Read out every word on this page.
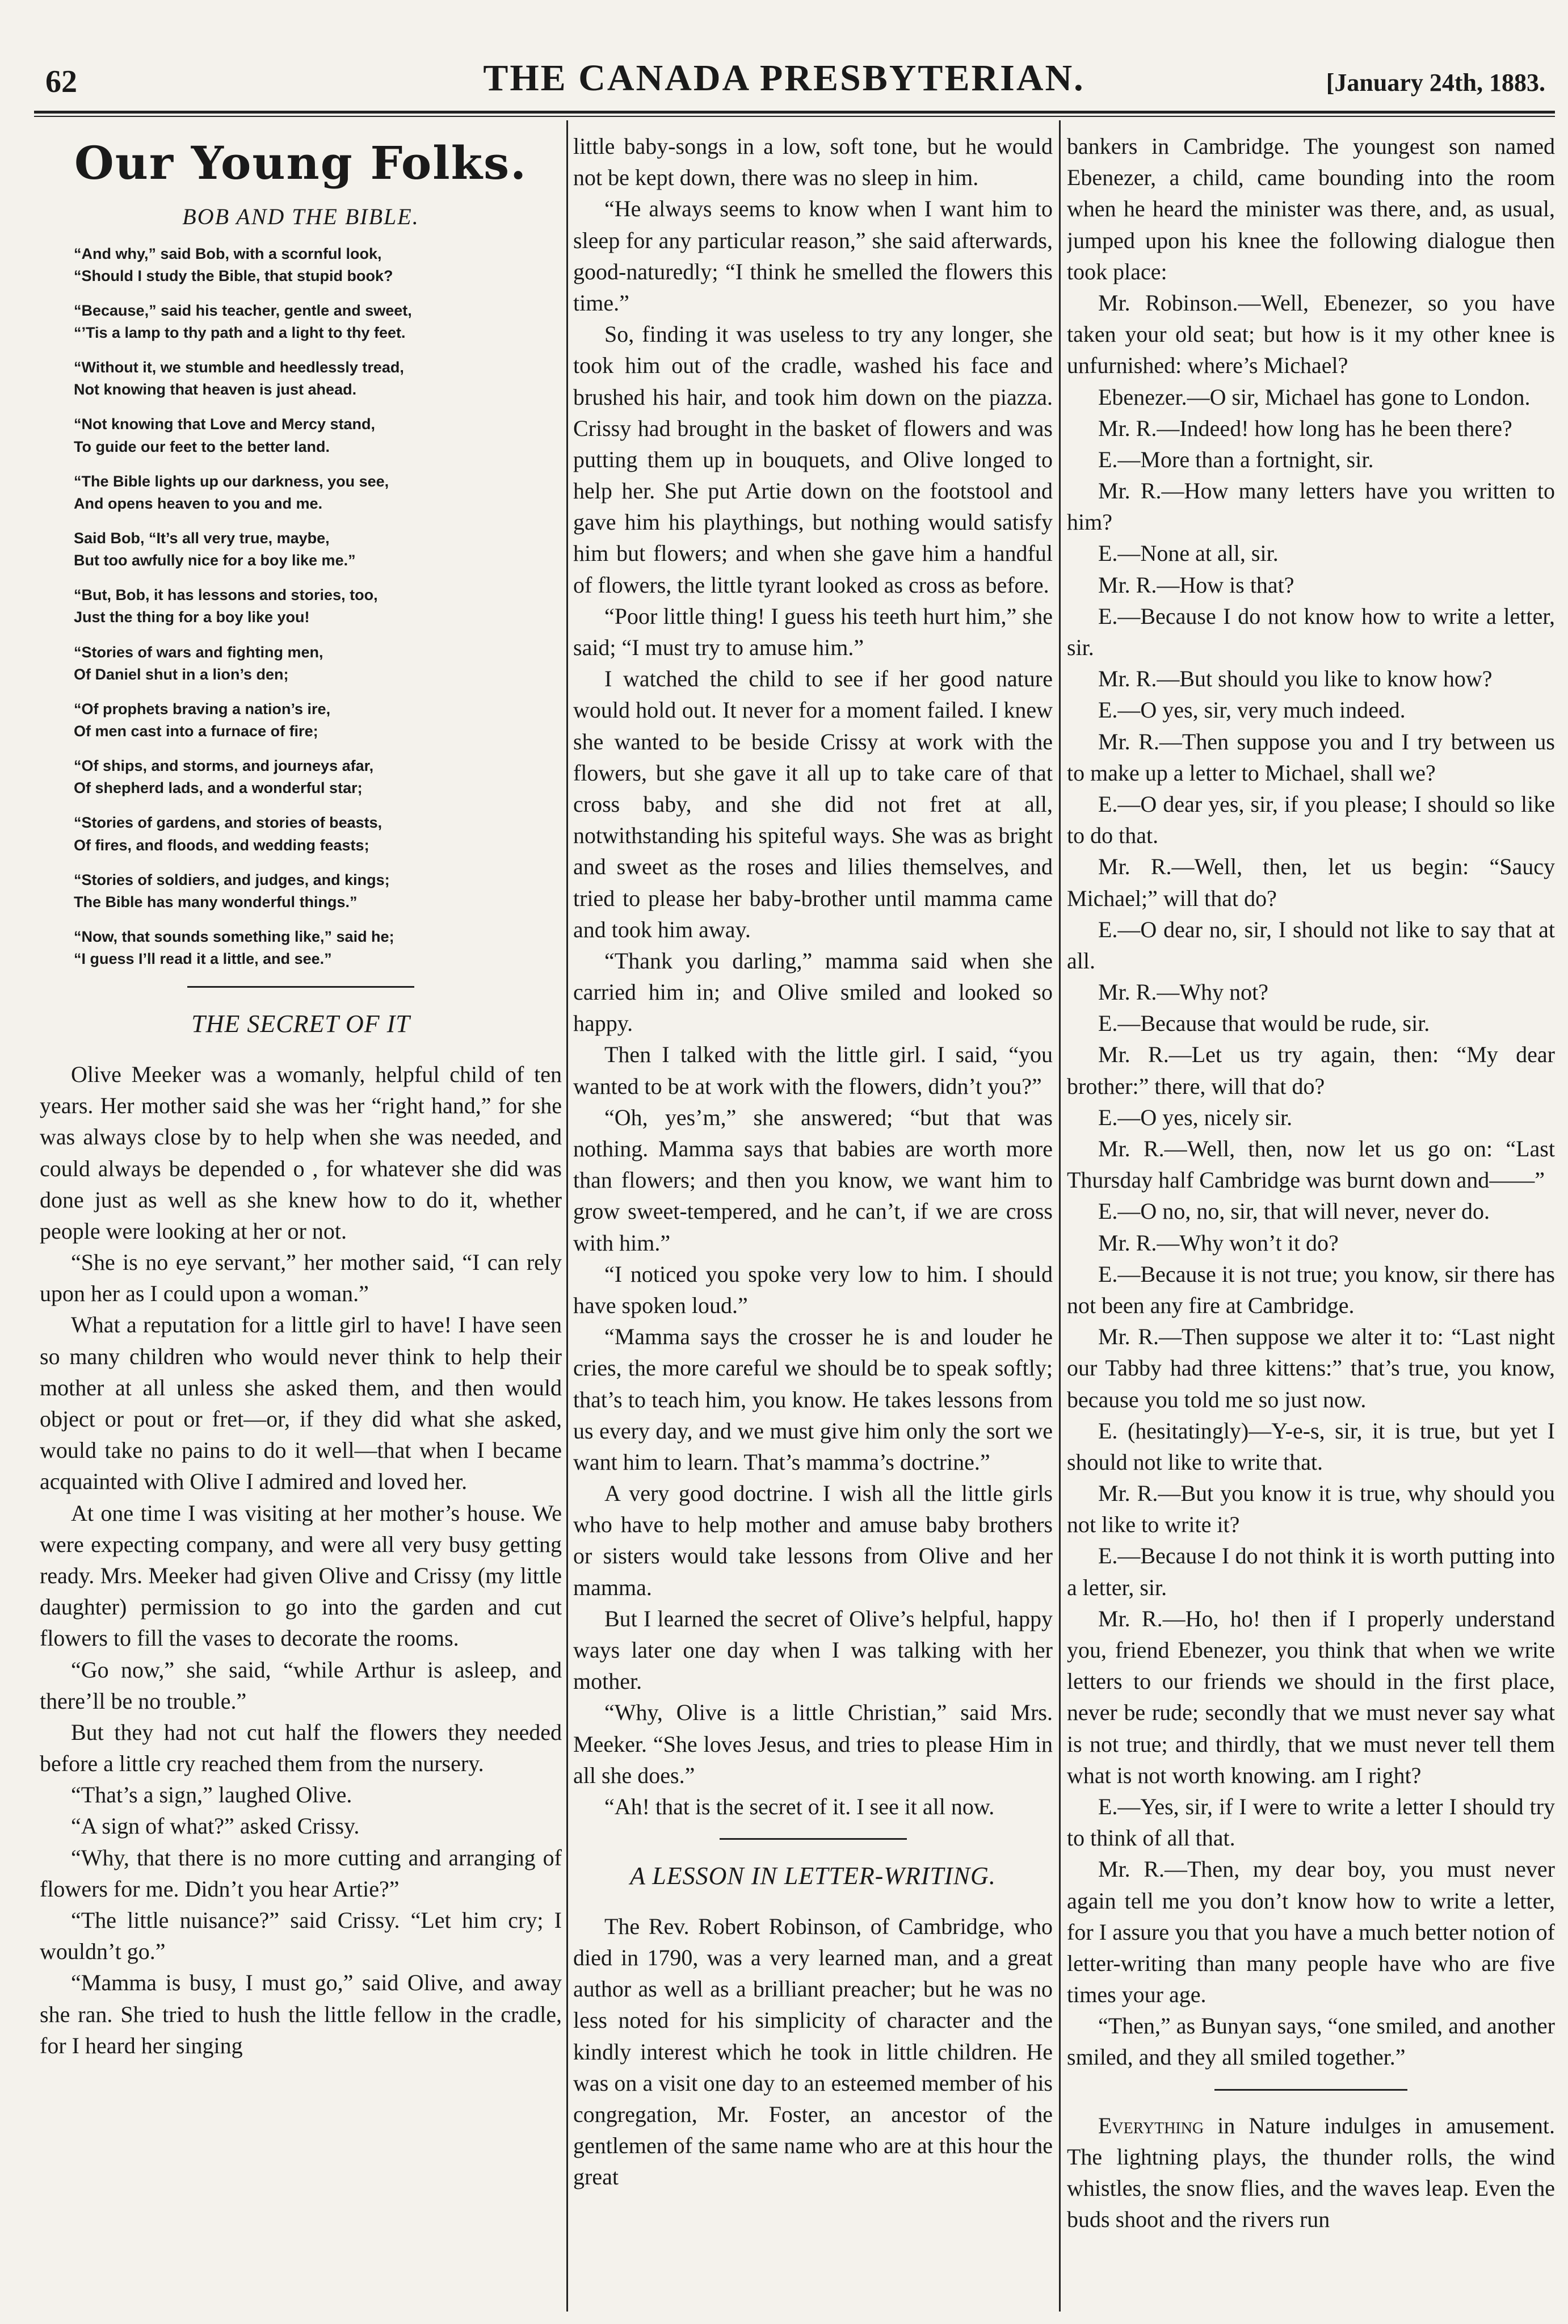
62	THE CANADA PRESBYTERIAN.	[January 24th, 1883.
Our Young Folks.
BOB AND THE BIBLE.
“And why,” said Bob, with a scornful look,
“Should I study the Bible, that stupid book?
“Because,” said his teacher, gentle and sweet,
“’Tis a lamp to thy path and a light to thy feet.
“Without it, we stumble and heedlessly tread,
Not knowing that heaven is just ahead.
“Not knowing that Love and Mercy stand,
To guide our feet to the better land.
“The Bible lights up our darkness, you see,
And opens heaven to you and me.
Said Bob, “It’s all very true, maybe,
But too awfully nice for a boy like me.”
“But, Bob, it has lessons and stories, too,
Just the thing for a boy like you!
“Stories of wars and fighting men,
Of Daniel shut in a lion’s den;
“Of prophets braving a nation’s ire,
Of men cast into a furnace of fire;
“Of ships, and storms, and journeys afar,
Of shepherd lads, and a wonderful star;
“Stories of gardens, and stories of beasts,
Of fires, and floods, and wedding feasts;
“Stories of soldiers, and judges, and kings;
The Bible has many wonderful things.”
“Now, that sounds something like,” said he;
“I guess I’ll read it a little, and see.”
THE SECRET OF IT

Olive Meeker was a womanly, helpful child of ten years. Her mother said she was her “right hand,” for she was always close by to help when she was needed, and could always be depended o , for whatever she did was done just as well as she knew how to do it, whether people were looking at her or not.

“She is no eye servant,” her mother said, “I can rely upon her as I could upon a woman.”

What a reputation for a little girl to have! I have seen so many children who would never think to help their mother at all unless she asked them, and then would object or pout or fret—or, if they did what she asked, would take no pains to do it well—that when I became acquainted with Olive I admired and loved her.

At one time I was visiting at her mother’s house. We were expecting company, and were all very busy getting ready. Mrs. Meeker had given Olive and Crissy (my little daughter) permission to go into the garden and cut flowers to fill the vases to decorate the rooms.

“Go now,” she said, “while Arthur is asleep, and there’ll be no trouble.”

But they had not cut half the flowers they needed before a little cry reached them from the nursery.

“That’s a sign,” laughed Olive.

“A sign of what?” asked Crissy.

“Why, that there is no more cutting and arranging of flowers for me. Didn’t you hear Artie?”

“The little nuisance?” said Crissy. “Let him cry; I wouldn’t go.”

“Mamma is busy, I must go,” said Olive, and away she ran. She tried to hush the little fellow in the cradle, for I heard her singing

little baby-songs in a low, soft tone, but he would not be kept down, there was no sleep in him.

“He always seems to know when I want him to sleep for any particular reason,” she said afterwards, good-naturedly; “I think he smelled the flowers this time.”

So, finding it was useless to try any longer, she took him out of the cradle, washed his face and brushed his hair, and took him down on the piazza. Crissy had brought in the basket of flowers and was putting them up in bouquets, and Olive longed to help her. She put Artie down on the footstool and gave him his playthings, but nothing would satisfy him but flowers; and when she gave him a handful of flowers, the little tyrant looked as cross as before.

“Poor little thing! I guess his teeth hurt him,” she said; “I must try to amuse him.”

I watched the child to see if her good nature would hold out. It never for a moment failed. I knew she wanted to be beside Crissy at work with the flowers, but she gave it all up to take care of that cross baby, and she did not fret at all, notwithstanding his spiteful ways. She was as bright and sweet as the roses and lilies themselves, and tried to please her baby-brother until mamma came and took him away.

“Thank you darling,” mamma said when she carried him in; and Olive smiled and looked so happy.

Then I talked with the little girl. I said, “you wanted to be at work with the flowers, didn’t you?”

“Oh, yes’m,” she answered; “but that was nothing. Mamma says that babies are worth more than flowers; and then you know, we want him to grow sweet-tempered, and he can’t, if we are cross with him.”

“I noticed you spoke very low to him. I should have spoken loud.”

“Mamma says the crosser he is and louder he cries, the more careful we should be to speak softly; that’s to teach him, you know. He takes lessons from us every day, and we must give him only the sort we want him to learn. That’s mamma’s doctrine.”

A very good doctrine. I wish all the little girls who have to help mother and amuse baby brothers or sisters would take lessons from Olive and her mamma.

But I learned the secret of Olive’s helpful, happy ways later one day when I was talking with her mother.

“Why, Olive is a little Christian,” said Mrs. Meeker. “She loves Jesus, and tries to please Him in all she does.”

“Ah! that is the secret of it. I see it all now.

A LESSON IN LETTER-WRITING.

The Rev. Robert Robinson, of Cambridge, who died in 1790, was a very learned man, and a great author as well as a brilliant preacher; but he was no less noted for his simplicity of character and the kindly interest which he took in little children. He was on a visit one day to an esteemed member of his congregation, Mr. Foster, an ancestor of the gentlemen of the same name who are at this hour the great

bankers in Cambridge. The youngest son named Ebenezer, a child, came bounding into the room when he heard the minister was there, and, as usual, jumped upon his knee the following dialogue then took place:

Mr. Robinson.—Well, Ebenezer, so you have taken your old seat; but how is it my other knee is unfurnished: where’s Michael?

Ebenezer.—O sir, Michael has gone to London.

Mr. R.—Indeed! how long has he been there?

E.—More than a fortnight, sir.

Mr. R.—How many letters have you written to him?

E.—None at all, sir.

Mr. R.—How is that?

E.—Because I do not know how to write a letter, sir.

Mr. R.—But should you like to know how?

E.—O yes, sir, very much indeed.

Mr. R.—Then suppose you and I try between us to make up a letter to Michael, shall we?

E.—O dear yes, sir, if you please; I should so like to do that.

Mr. R.—Well, then, let us begin: “Saucy Michael;” will that do?

E.—O dear no, sir, I should not like to say that at all.

Mr. R.—Why not?

E.—Because that would be rude, sir.

Mr. R.—Let us try again, then: “My dear brother:” there, will that do?

E.—O yes, nicely sir.

Mr. R.—Well, then, now let us go on: “Last Thursday half Cambridge was burnt down and——”

E.—O no, no, sir, that will never, never do.

Mr. R.—Why won’t it do?

E.—Because it is not true; you know, sir there has not been any fire at Cambridge.

Mr. R.—Then suppose we alter it to: “Last night our Tabby had three kittens:” that’s true, you know, because you told me so just now.

E. (hesitatingly)—Y-e-s, sir, it is true, but yet I should not like to write that.

Mr. R.—But you know it is true, why should you not like to write it?

E.—Because I do not think it is worth putting into a letter, sir.

Mr. R.—Ho, ho! then if I properly understand you, friend Ebenezer, you think that when we write letters to our friends we should in the first place, never be rude; secondly that we must never say what is not true; and thirdly, that we must never tell them what is not worth knowing. am I right?

E.—Yes, sir, if I were to write a letter I should try to think of all that.

Mr. R.—Then, my dear boy, you must never again tell me you don’t know how to write a letter, for I assure you that you have a much better notion of letter-writing than many people have who are five times your age.

“Then,” as Bunyan says, “one smiled, and another smiled, and they all smiled together.”

Everything in Nature indulges in amusement. The lightning plays, the thunder rolls, the wind whistles, the snow flies, and the waves leap. Even the buds shoot and the rivers run
